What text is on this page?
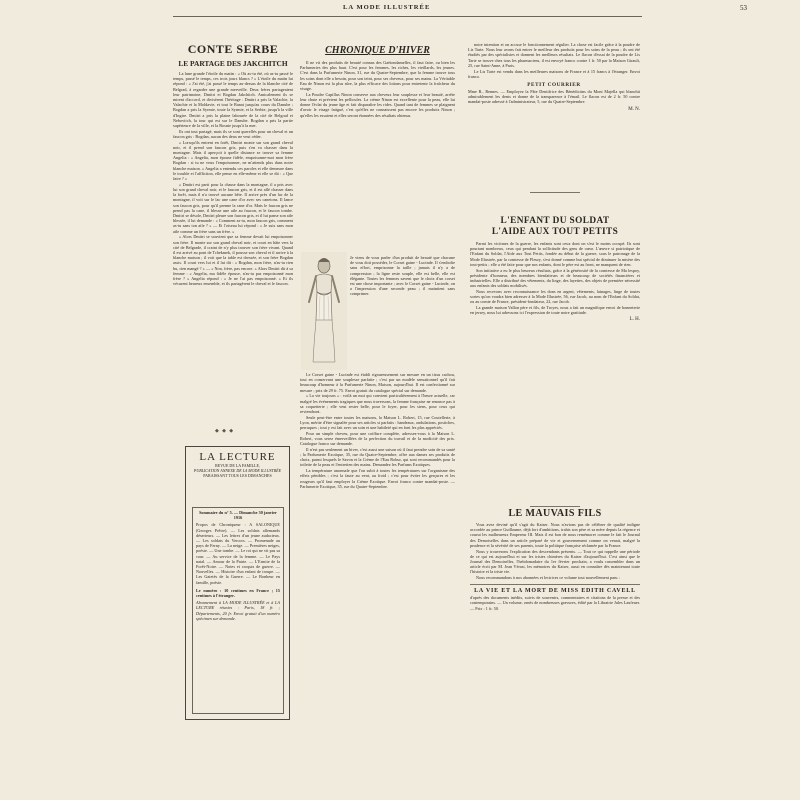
LA MODE ILLUSTRÉE	53
CONTE SERBE
LE PARTAGE DES JAKCHITCH

La lune grande l'étoile du matin : « Où as-tu été, où as-tu passé le temps, passé le temps, ces trois jours blancs ? » L'étoile du matin lui répond : « J'ai été, j'ai passé le temps au-dessus de la blanche cité de Belgrad, à regarder une grande merveille. Deux frères partageaient leur patrimoine, Dmitri et Bogdan Jakchitch. Amicalement ils se mirent d'accord, et divisèrent l'héritage : Dmitri a pris la Valachie, la Valachie et la Moldavie, et tout le Banat jusqu'au cours du Danube ; Bogdan a pris la Syrmie, toute la Syrmie, et la Serbie, jusqu'à la ville d'Ingire. Dmitri a pris la plaine labourée de la cité de Belgrad et Nebovitch, la tour qui est sur le Danube. Bogdan a pris la partie supérieure de la ville, et la Bosnie jusqu'à la mer.

Ils ont tout partagé, mais ils se sont querellés pour un cheval et un faucon gris : Bogdan, aucun des deux ne veut céder.

« Lorsqu'ils entrent en forêt, Dmitri monte sur son grand cheval noir, et il prend son faucon gris, puis s'en va chasser dans la montagne. Mais il aperçoit à quelle distance se trouve sa femme Angelia : « Angelia, mon épouse fidèle, empoisonne-moi mon frère Bogdan : si tu ne veux l'empoisonner, ne m'attends plus dans notre blanche maison. » Angelia a entendu ces paroles et elle demeure dans le trouble et l'affliction, elle pense en elle-même et elle se dit : « Que faire ? »

« Dmitri est parti pour la chasse dans la montagne, il a pris avec lui son grand cheval noir, et le faucon gris, et il est allé chasser dans la forêt, mais il n'a trouvé aucune bête. Il arrive près d'un lac de la montagne, il voit sur le lac une cane d'or avec ses canetons. Il lance son faucon gris, pour qu'il prenne la cane d'or. Mais le faucon gris ne prend pas la cane, il blesse une aile au faucon, et le faucon tombe. Dmitri se désole, Dmitri pleure son faucon gris, et il lui panse son aile blessée, il lui demande : « Comment as-tu, mon faucon gris, comment as-tu sans ton aile ? » — Et l'oiseau lui répond : « Je suis sans mon aile comme un frère sans un frère. »

« Alors Dmitri se souvient que sa femme devait lui empoisonner son frère. Il monte sur son grand cheval noir, et court en hâte vers la cité de Belgrade, il craint de n'y plus trouver son frère vivant. Quand il est arrivé au pont de Tchekmek, il pousse son cheval et il arrive à la blanche maison ; il voit que la table est dressée, et son frère Bogdan assis. Il court vers lui et il lui dit : « Bogdan, mon frère, n'as-tu rien bu, rien mangé ? » — « Non, frère, pas encore. » Alors Dmitri dit à sa femme : « Angelia, ma fidèle épouse, n'as-tu pas empoisonné mon frère ? » Angelia répond : « Je ne l'ai pas empoisonné. » Et ils vécurent heureux ensemble, et ils partagèrent le cheval et le faucon.

◆ ◆ ◆
LA LECTURE
REVUE DE LA FAMILLE,
PUBLICATION ANNEXE DE LA MODE ILLUSTRÉE
PARAISSANT TOUS LES DIMANCHES
Sommaire du n° 5. — Dimanche 30 janvier 1916
Propos de Chroniqueur : A SALONIQUE (Georges Prêtre). — Les soldats allemands déserteurs. — Les lettres d'un jeune audacieux. — Les soldats du Vercors. — Promenade au pays de Ferny. — La neige. — Premières neiges, poésie. — Une tombe. — Le roi qui ne vit pas sa cour. — Au service de la femme. — Le Pays natal. — Amour de la Patrie. — L'Ermite de la Forêt-Noire. — Notes et croquis de guerre. — Nouvelles. — Histoire d'un enfant de troupe. — Les Gaietés de la Guerre. — Le Bonheur en famille, poésie.
Le numéro : 10 centimes en France ; 15 centimes à l'étranger.
Abonnement à LA MODE ILLUSTRÉE et à LA LECTURE réunies : Paris, 18 fr. ; Départements, 20 fr. Envoi gratuit d'un numéro spécimen sur demande.
CHRONIQUE D'HIVER

Il ne vit des produits de beauté connus des Gaëtondamelles, il faut faire, ou bien les Parfumeries des plus haut. C'est pour les femmes, les riches, les vieillards, les jeunes. C'est dans la Parfumerie Ninon, 31, rue du Quatre-Septembre, que la femme trouve tous les soins dont elle a besoin, pour son teint, pour ses cheveux, pour ses mains. La Véritable Eau de Ninon est la plus sûre, la plus efficace des lotions pour entretenir la fraîcheur du visage.

La Poudre Capillus Ninon conserve aux cheveux leur souplesse et leur beauté, arrête leur chute et prévient les pellicules. La crème Ninon est excellente pour la peau, elle lui donne l'éclat du jeune âge et fait disparaître les rides. Quand tant de femmes se plaignent d'avoir le visage fatigué, c'est qu'elles ne connaissent pas encore les produits Ninon ; qu'elles les essaient et elles seront étonnées des résultats obtenus.

Je viens de vous parler d'un produit de beauté que chacune de vous doit posséder, le Corset gaine - Lucinde. Il s'emboîte sans effort, emprisonne la taille ; jamais il n'y a de compression ; la ligne reste souple, elle est belle, elle est élégante. Toutes les femmes savent que le choix d'un corset est une chose importante ; avec le Corset gaine - Lucinde, on a l'impression d'une seconde peau ; il maintient sans comprimer.

Le Corset gaine - Lucinde est établi rigoureusement sur mesure en un tissu cachou, tout en conservant une souplesse parfaite ; c'est par un modèle sensationnel qu'il fait beaucoup d'honneur à la Parfumerie Ninon, Maison, aujourd'hui. Il est confectionné sur mesure ; prix de 29 fr. 75. Envoi gratuit du catalogue spécial sur demande.

« La vie toujours » : voilà un mot qui convient particulièrement à l'heure actuelle, car malgré les événements tragiques que nous traversons, la femme française ne renonce pas à sa coquetterie ; elle veut rester belle, pour le foyer, pour les siens, pour ceux qui reviendront.

Seule peut-être entre toutes les maisons, la Maison L. Robert, 15, rue Coutellerie, à Lyon, mérite d'être signalée pour ses articles si parfaits : bandeaux, ondulations, postiches, perruques ; tout y est fait avec un soin et une habileté qui en font les plus appréciés.

Pour un simple cheveu, pour une coiffure complète, adressez-vous à la Maison L. Robert, vous serez émerveillées de la perfection du travail et de la modicité des prix. Catalogue franco sur demande.

Il n'est pas seulement un hiver, c'est aussi une saison où il faut prendre soin de sa santé ; la Parfumerie Exotique, 35, rue du Quatre-Septembre, offre aux dames ses produits de choix, parmi lesquels le Savon et la Crème de l'Eau Robur, qui sont recommandés pour la toilette de la peau et l'entretien des mains. Demandez les Parfums Exotiques.

La température anormale que l'on subit à toutes les températures sur l'organisme des effets pénibles ; c'est la faute au vent, au froid ; c'est pour éviter les gerçures et les rougeurs qu'il faut employer la Crème Exotique. Envoi franco contre mandat-poste. — Parfumerie Exotique, 35, rue du Quatre-Septembre.

notre intention et on accuse le fonctionnement régulier. La chose est facile grâce à la poudre de Lis Tarte. Nous leur avons fait entrer le meilleur des produits pour les soins de la peau ; ils ont été étudiés par des spécialistes et donnent les meilleurs résultats. Le flacon d'essai de la poudre de Lis Tarte se trouve chez tous les pharmaciens, il est envoyé franco contre 1 fr. 50 par la Maison Girault, 25, rue Saint-Anne, à Paris.

Le Lis Tarte est vendu dans les meilleures maisons de France et à 15 francs à l'étranger. Envoi franco.

PETIT COURRIER
Mme R., Rennes. — Employez la Pâte Dentifrice des Bénédictins du Mont Majella qui blanchit admirablement les dents et donne de la transparence à l'émail. Le flacon est de 2 fr. 50 contre mandat-poste adressé à l'administrateur, 5, rue du Quatre-Septembre.
M. N.
L'ENFANT DU SOLDAT
L'AIDE AUX TOUT PETITS

Parmi les victimes de la guerre, les enfants sont ceux dont on s'est le moins occupé. Ils sont pourtant nombreux, ceux qui pendant la sollicitude des gens de cœur. L'œuvre si patriotique de l'Enfant du Soldat, l'Aide aux Tout Petits, fondée au début de la guerre, sous le patronage de la Mode Illustrée, par la comtesse de Fleury, s'est donné comme but spécial de diminuer la misère des tout-petits ; elle a été faite pour que nos enfants, dont le père est au front, ne manquent de rien.

Son initiative a eu le plus heureux résultats, grâce à la générosité de la comtesse de Ma lespoy, présidente d'honneur, des membres bienfaiteurs et de beaucoup de sociétés financières et industrielles. Elle a distribué des vêtements, du linge, des layettes, des objets de première nécessité aux enfants des soldats mobilisés.

Nous recevons avec reconnaissance les dons en argent, vêtements, lainages, linge de toutes sortes qu'on voudra bien adresser à la Mode Illustrée, 56, rue Jacob, au nom de l'Enfant du Soldat, ou au comte de France, président-fondateur, 22, rue Jacob.

La grande maison Vallon père et fils, de Troyes, nous a fait un magnifique envoi de bonneterie en jersey, nous lui adressons ici l'expression de toute notre gratitude.

L. H.
LE MAUVAIS FILS

Vous avez deviné qu'il s'agit du Kaiser. Nous n'avions pas de célébrer de qualité indigne accordée au prince Guillaume, déjà fort d'ambitions, trahis son père et sa mère depuis la régence et courut les malheureux Empereur III. Mais il est bon de nous remémorer comme le fait le Journal des Demoiselles dans un article préparé de vie et gouvernement comme on venait, malgré la prudence et la sévérité de ses parents, toute la politique française réclamée par la France.

Nous y trouverons l'explication des descendants présents. — Tout ce qui rappelle une période de ce qui est aujourd'hui et sur les tristes chimères du Kaiser d'aujourd'hui. C'est ainsi que le Journal des Demoiselles, l'hebdomadaire du 1er février prochain, a voulu rassembler dans un article écrit par M. Jean Vérast, les mémoires du Kaiser, aussi en connaître dès maintenant toute l'histoire et la triste vie.

Nous recommandons à nos abonnées et lectrices ce volume tout nouvellement paru :

LA VIE ET LA MORT DE MISS EDITH CAVELL
d'après des documents inédits, suivis de souvenirs, commentaires et citations de la presse et des contemporains. — Un volume, ornés de nombreuses gravures, édité par la Librairie Jules Laufeuer. — Prix : 1 fr. 50.
